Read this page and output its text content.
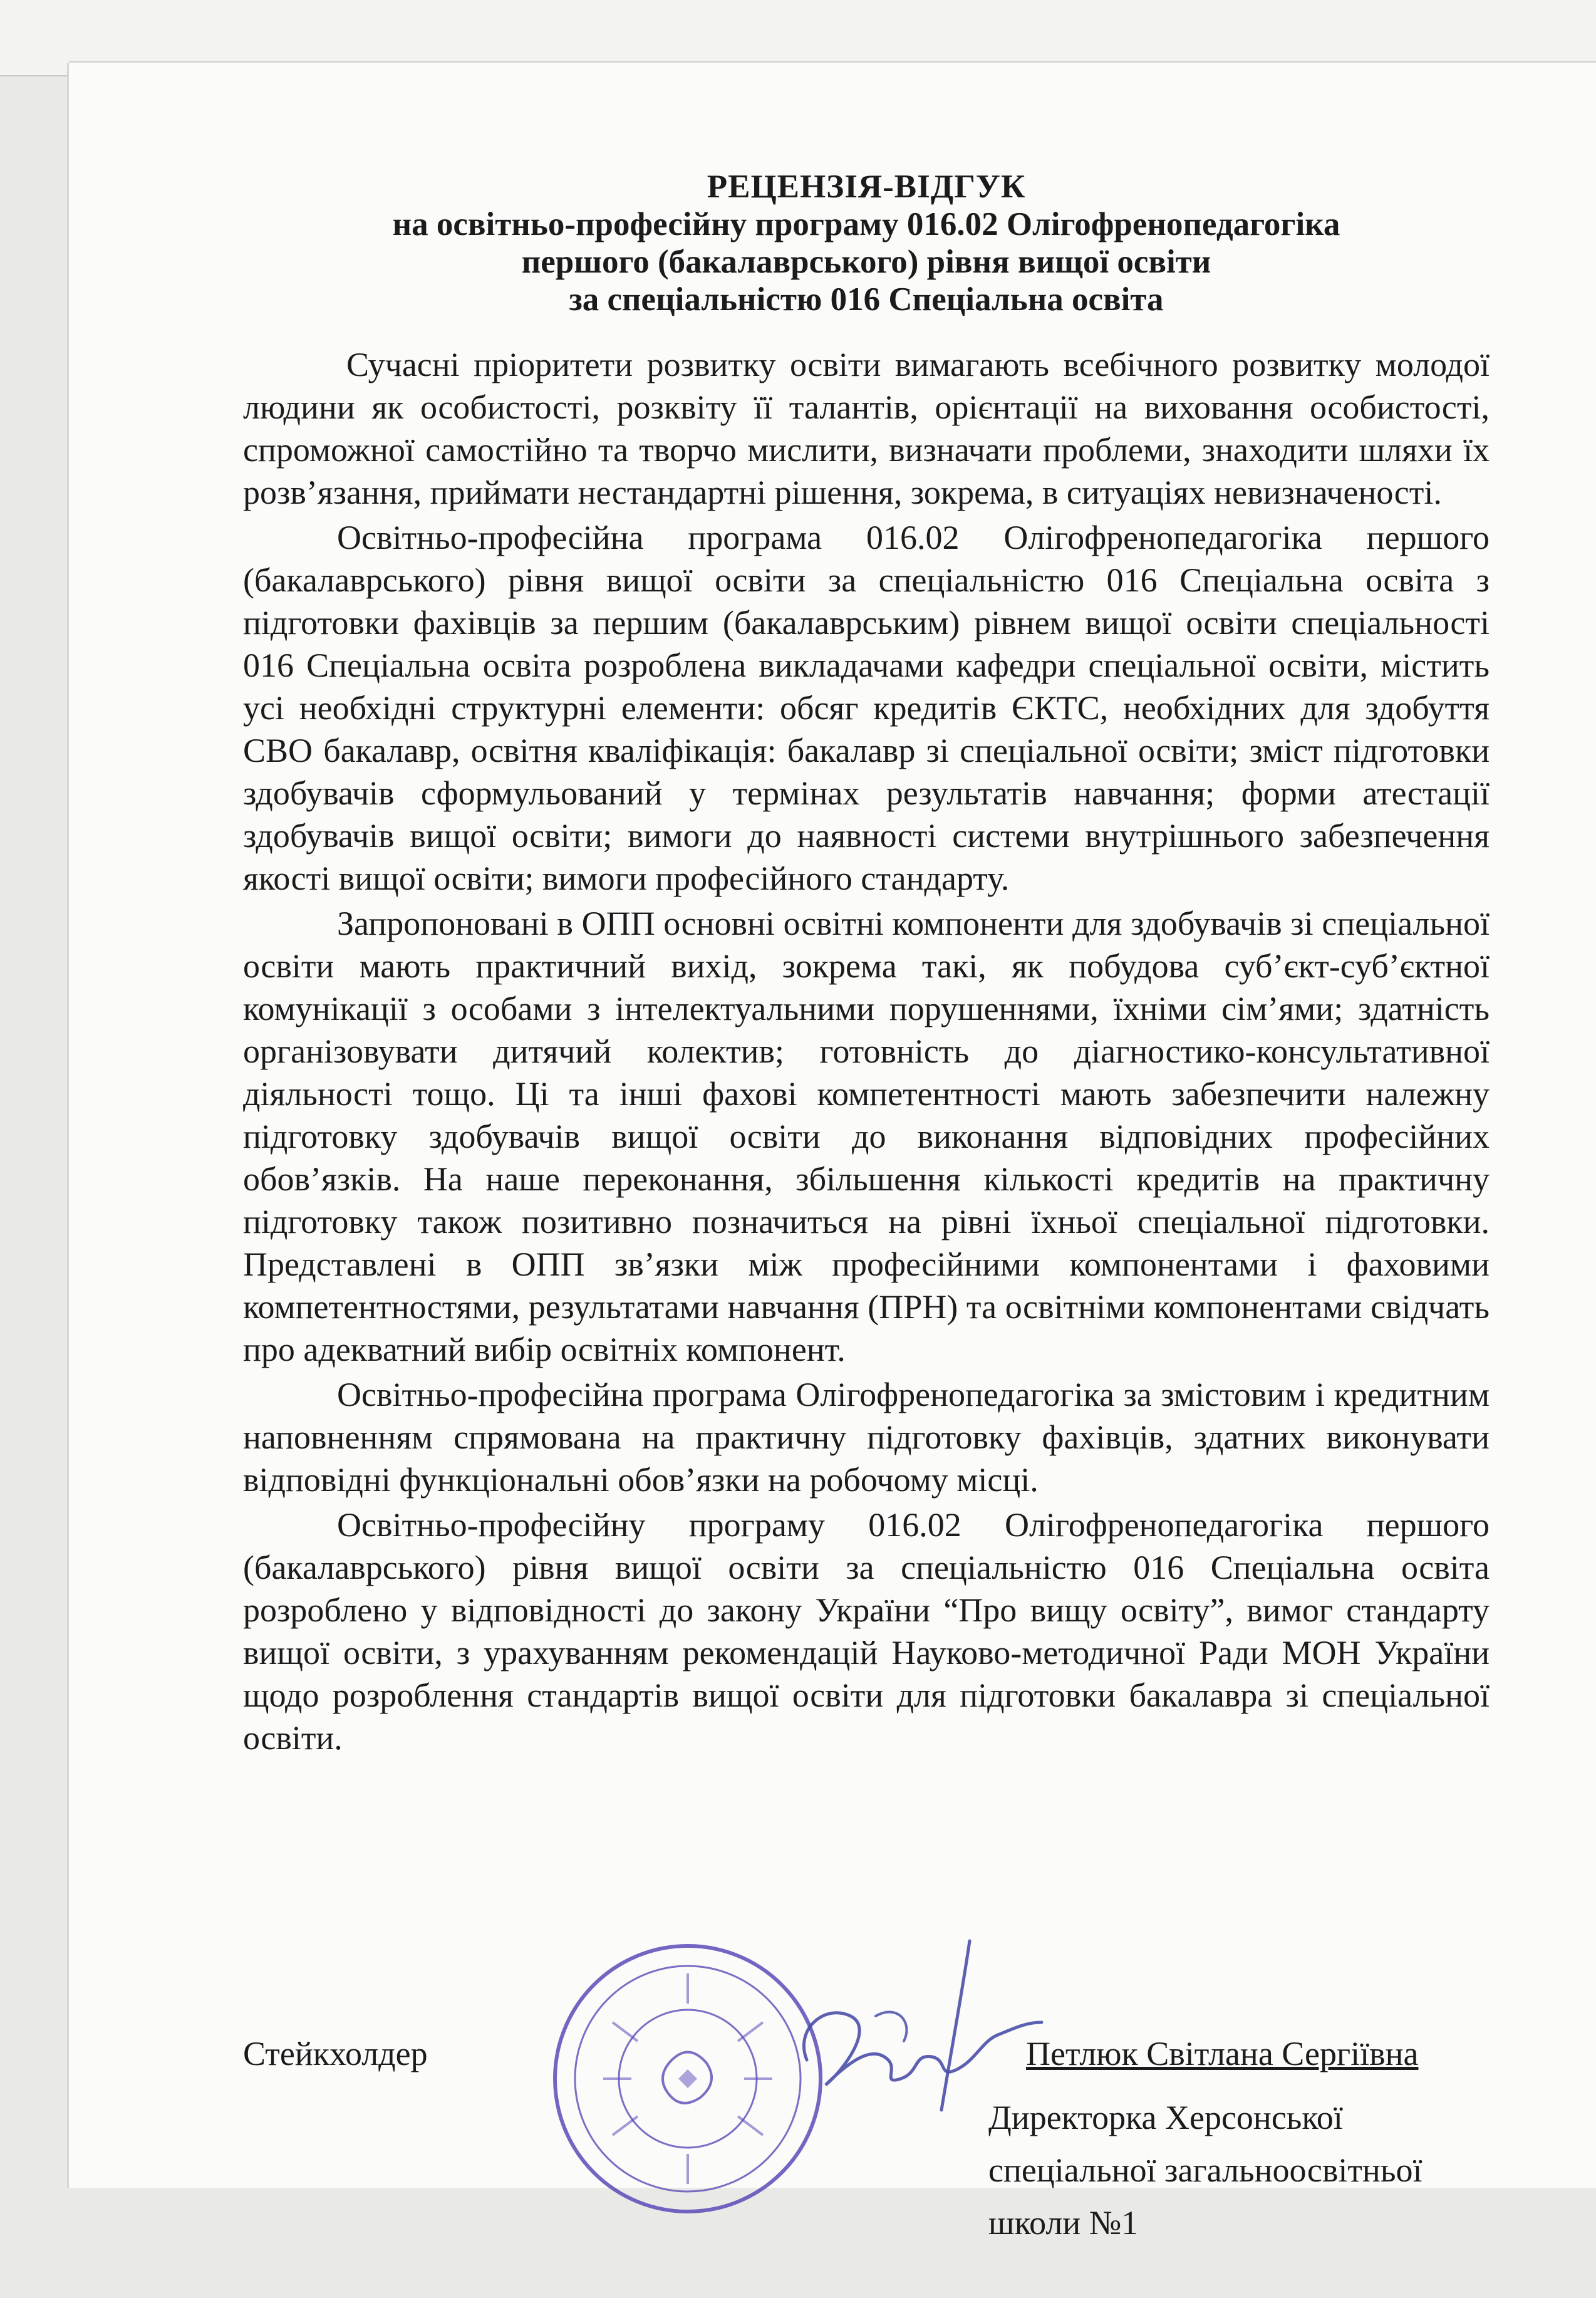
РЕЦЕНЗІЯ-ВІДГУК
на освітньо-професійну програму 016.02 Олігофренопедагогіка
першого (бакалаврського) рівня вищої освіти
за спеціальністю 016 Спеціальна освіта

Сучасні пріоритети розвитку освіти вимагають всебічного розвитку молодої людини як особистості, розквіту її талантів, орієнтації на виховання особистості, спроможної самостійно та творчо мислити, визначати проблеми, знаходити шляхи їх розв’язання, приймати нестандартні рішення, зокрема, в ситуаціях невизначеності.

Освітньо-професійна програма 016.02 Олігофренопедагогіка першого (бакалаврського) рівня вищої освіти за спеціальністю 016 Спеціальна освіта з підготовки фахівців за першим (бакалаврським) рівнем вищої освіти спеціальності 016 Спеціальна освіта розроблена викладачами кафедри спеціальної освіти, містить усі необхідні структурні елементи: обсяг кредитів ЄКТС, необхідних для здобуття СВО бакалавр, освітня кваліфікація: бакалавр зі спеціальної освіти; зміст підготовки здобувачів сформульований у термінах результатів навчання; форми атестації здобувачів вищої освіти; вимоги до наявності системи внутрішнього забезпечення якості вищої освіти; вимоги професійного стандарту.

Запропоновані в ОПП основні освітні компоненти для здобувачів зі спеціальної освіти мають практичний вихід, зокрема такі, як побудова суб’єкт-суб’єктної комунікації з особами з інтелектуальними порушеннями, їхніми сім’ями; здатність організовувати дитячий колектив; готовність до діагностико-консультативної діяльності тощо. Ці та інші фахові компетентності мають забезпечити належну підготовку здобувачів вищої освіти до виконання відповідних професійних обов’язків. На наше переконання, збільшення кількості кредитів на практичну підготовку також позитивно позначиться на рівні їхньої спеціальної підготовки. Представлені в ОПП зв’язки між професійними компонентами і фаховими компетентностями, результатами навчання (ПРН) та освітніми компонентами свідчать про адекватний вибір освітніх компонент.

Освітньо-професійна програма Олігофренопедагогіка за змістовим і кредитним наповненням спрямована на практичну підготовку фахівців, здатних виконувати відповідні функціональні обов’язки на робочому місці.

Освітньо-професійну програму 016.02 Олігофренопедагогіка першого (бакалаврського) рівня вищої освіти за спеціальністю 016 Спеціальна освіта розроблено у відповідності до закону України “Про вищу освіту”, вимог стандарту вищої освіти, з урахуванням рекомендацій Науково-методичної Ради МОН України щодо розроблення стандартів вищої освіти для підготовки бакалавра зі спеціальної освіти.

Стейкхолдер	Петлюк Світлана Сергіївна
Директорка Херсонської
спеціальної загальноосвітньої
школи №1
